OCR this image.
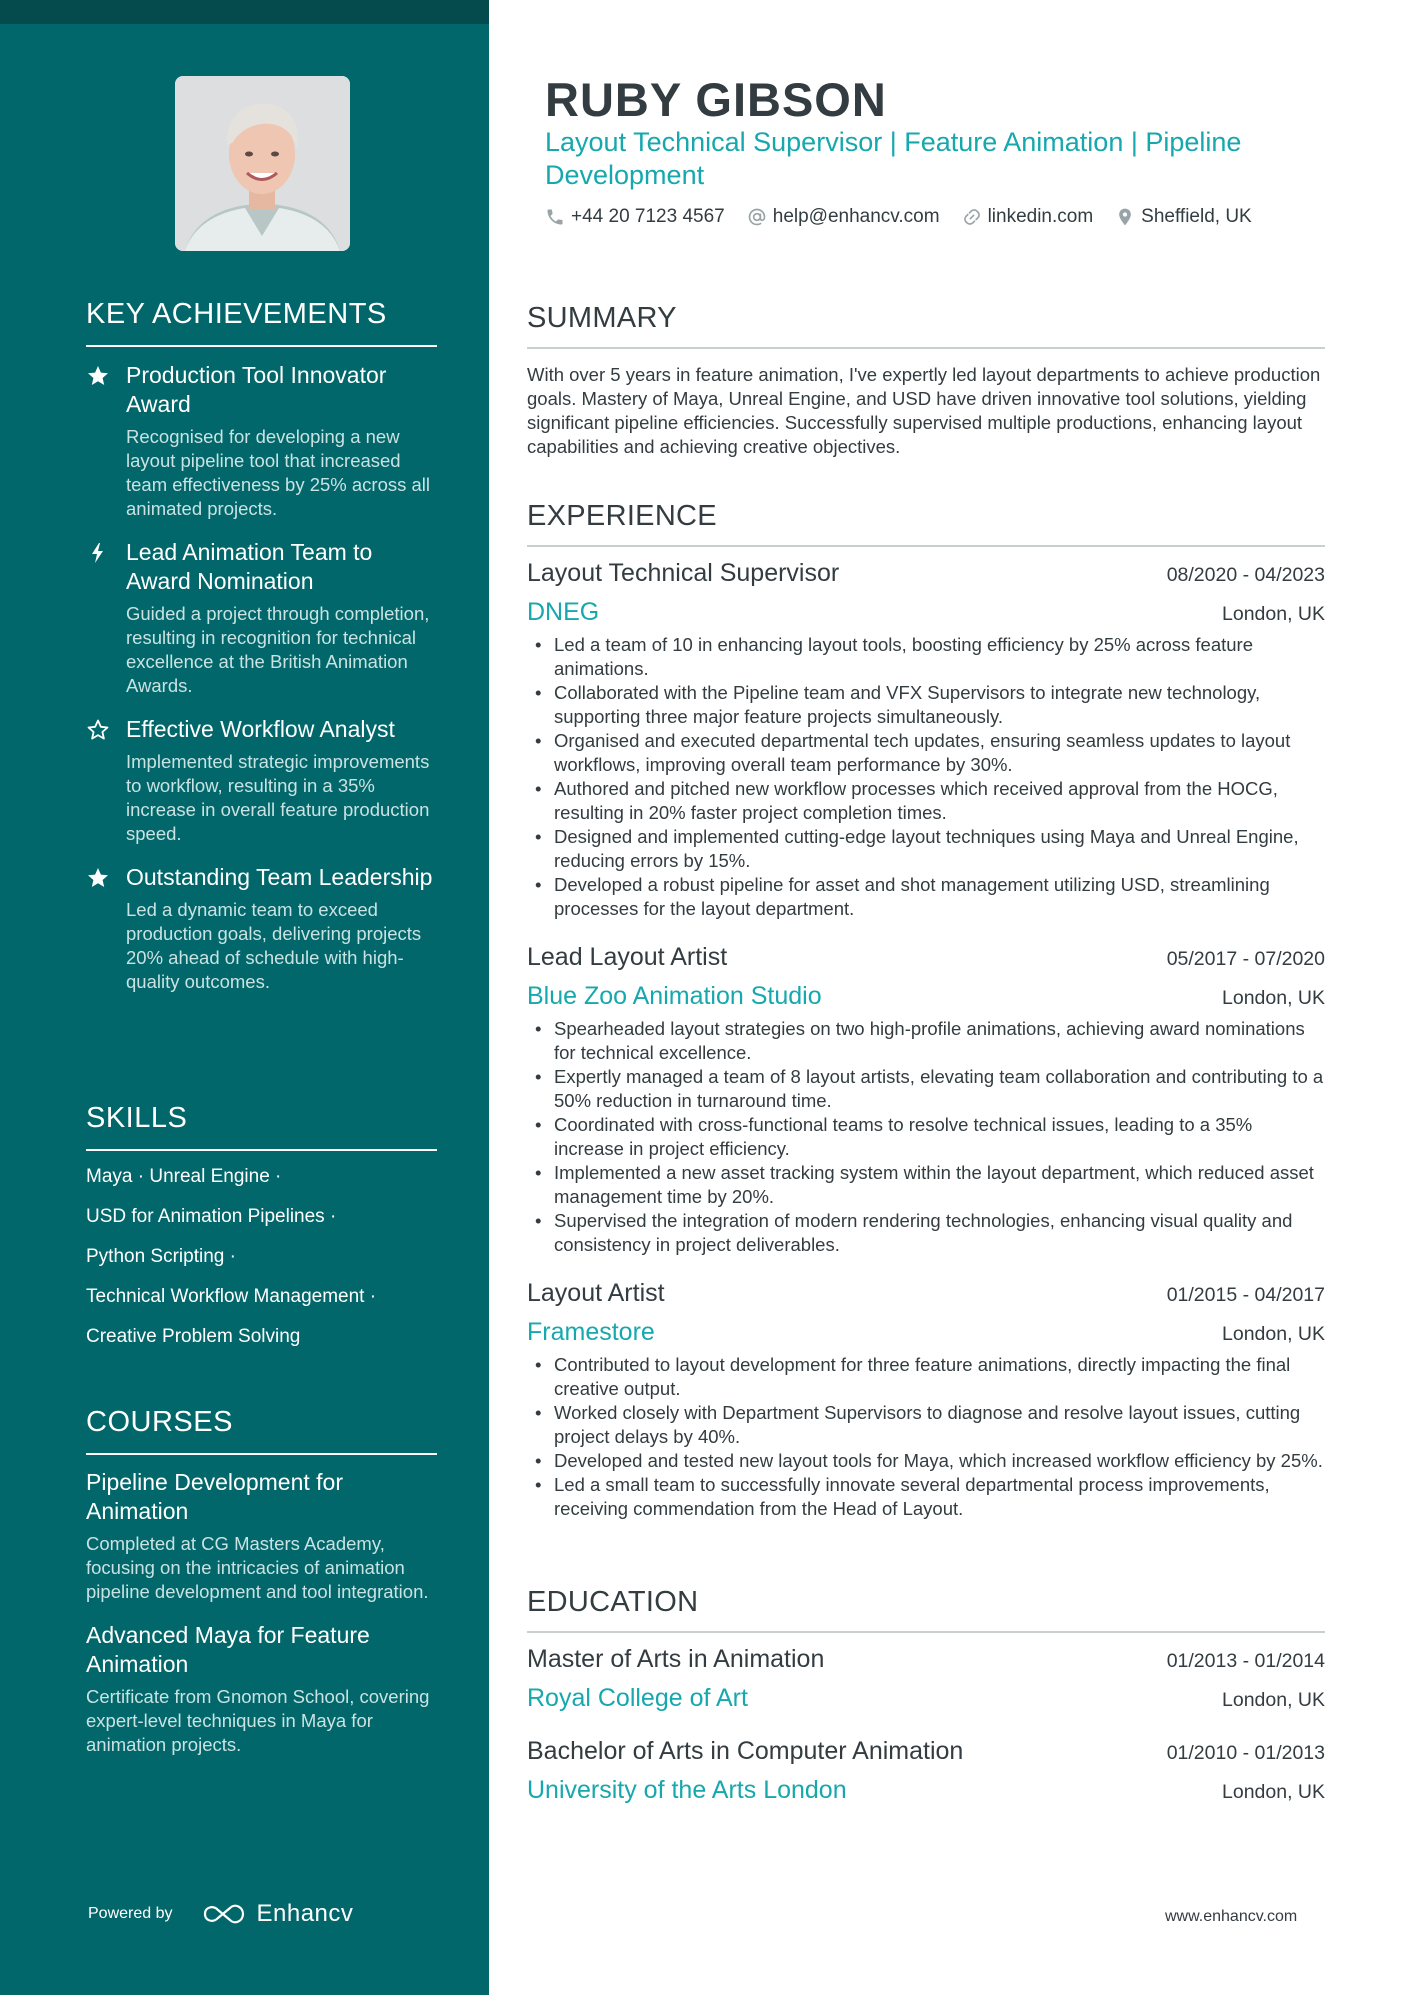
KEY ACHIEVEMENTS
Production Tool Innovator Award
Recognised for developing a new layout pipeline tool that increased team effectiveness by 25% across all animated projects.
Lead Animation Team to Award Nomination
Guided a project through completion, resulting in recognition for technical excellence at the British Animation Awards.
Effective Workflow Analyst
Implemented strategic improvements to workflow, resulting in a 35% increase in overall feature production speed.
Outstanding Team Leadership
Led a dynamic team to exceed production goals, delivering projects 20% ahead of schedule with high-quality outcomes.
SKILLS
Maya · Unreal Engine ·
USD for Animation Pipelines ·
Python Scripting ·
Technical Workflow Management ·
Creative Problem Solving
COURSES
Pipeline Development for Animation
Completed at CG Masters Academy, focusing on the intricacies of animation pipeline development and tool integration.
Advanced Maya for Feature Animation
Certificate from Gnomon School, covering expert-level techniques in Maya for animation projects.
Powered by	Enhancv
RUBY GIBSON
Layout Technical Supervisor | Feature Animation | Pipeline Development
+44 20 7123 4567	help@enhancv.com	linkedin.com	Sheffield, UK
SUMMARY
With over 5 years in feature animation, I've expertly led layout departments to achieve production goals. Mastery of Maya, Unreal Engine, and USD have driven innovative tool solutions, yielding significant pipeline efficiencies. Successfully supervised multiple productions, enhancing layout capabilities and achieving creative objectives.
EXPERIENCE
Layout Technical Supervisor	08/2020 - 04/2023
DNEG	London, UK
• Led a team of 10 in enhancing layout tools, boosting efficiency by 25% across feature animations.
• Collaborated with the Pipeline team and VFX Supervisors to integrate new technology, supporting three major feature projects simultaneously.
• Organised and executed departmental tech updates, ensuring seamless updates to layout workflows, improving overall team performance by 30%.
• Authored and pitched new workflow processes which received approval from the HOCG, resulting in 20% faster project completion times.
• Designed and implemented cutting-edge layout techniques using Maya and Unreal Engine, reducing errors by 15%.
• Developed a robust pipeline for asset and shot management utilizing USD, streamlining processes for the layout department.
Lead Layout Artist	05/2017 - 07/2020
Blue Zoo Animation Studio	London, UK
• Spearheaded layout strategies on two high-profile animations, achieving award nominations for technical excellence.
• Expertly managed a team of 8 layout artists, elevating team collaboration and contributing to a 50% reduction in turnaround time.
• Coordinated with cross-functional teams to resolve technical issues, leading to a 35% increase in project efficiency.
• Implemented a new asset tracking system within the layout department, which reduced asset management time by 20%.
• Supervised the integration of modern rendering technologies, enhancing visual quality and consistency in project deliverables.
Layout Artist	01/2015 - 04/2017
Framestore	London, UK
• Contributed to layout development for three feature animations, directly impacting the final creative output.
• Worked closely with Department Supervisors to diagnose and resolve layout issues, cutting project delays by 40%.
• Developed and tested new layout tools for Maya, which increased workflow efficiency by 25%.
• Led a small team to successfully innovate several departmental process improvements, receiving commendation from the Head of Layout.
EDUCATION
Master of Arts in Animation	01/2013 - 01/2014
Royal College of Art	London, UK
Bachelor of Arts in Computer Animation	01/2010 - 01/2013
University of the Arts London	London, UK
www.enhancv.com
